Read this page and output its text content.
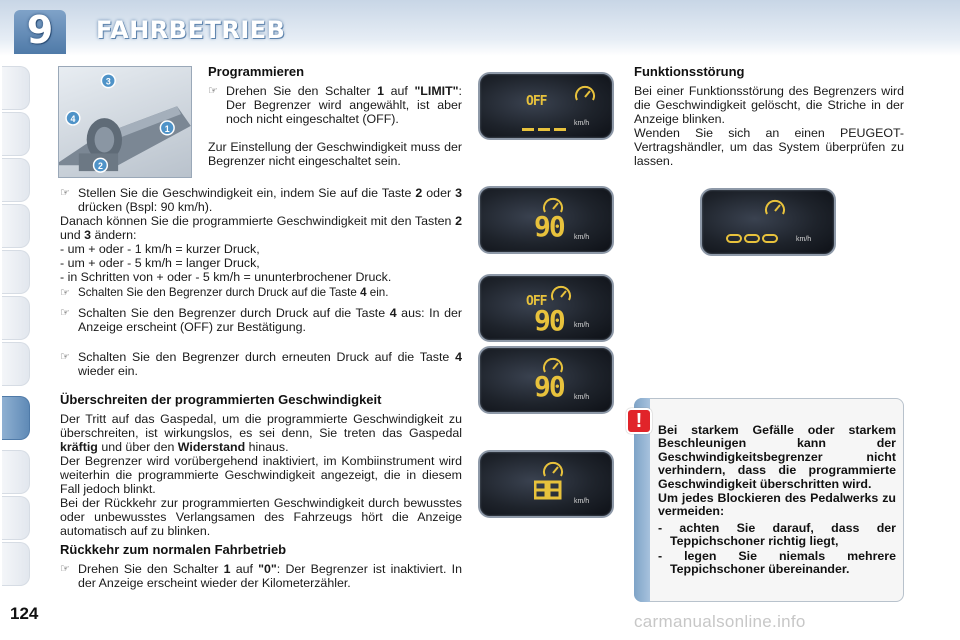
9	FAHRBETRIEB
3
4
1
2
Programmieren
☞ Drehen Sie den Schalter 1 auf "LIMIT": Der Begrenzer wird angewählt, ist aber noch nicht eingeschaltet (OFF).
Zur Einstellung der Geschwindigkeit muss der Begrenzer nicht eingeschaltet sein.
☞ Stellen Sie die Geschwindigkeit ein, indem Sie auf die Taste 2 oder 3 drücken (Bspl: 90 km/h).
Danach können Sie die programmierte Geschwindigkeit mit den Tasten 2 und 3 ändern:
- um + oder - 1 km/h = kurzer Druck,
- um + oder - 5 km/h = langer Druck,
- in Schritten von + oder - 5 km/h = ununterbrochener Druck.
☞ Schalten Sie den Begrenzer durch Druck auf die Taste 4 ein.
☞ Schalten Sie den Begrenzer durch Druck auf die Taste 4 aus: In der Anzeige erscheint (OFF) zur Bestätigung.
☞ Schalten Sie den Begrenzer durch erneuten Druck auf die Taste 4 wieder ein.
Überschreiten der programmierten Geschwindigkeit
Der Tritt auf das Gaspedal, um die programmierte Geschwindigkeit zu überschreiten, ist wirkungslos, es sei denn, Sie treten das Gaspedal kräftig und über den Widerstand hinaus.
Der Begrenzer wird vorübergehend inaktiviert, im Kombiinstrument wird weiterhin die programmierte Geschwindigkeit angezeigt, die in diesem Fall jedoch blinkt.
Bei der Rückkehr zur programmierten Geschwindigkeit durch bewusstes oder unbewusstes Verlangsamen des Fahrzeugs hört die Anzeige automatisch auf zu blinken.
Rückkehr zum normalen Fahrbetrieb
☞ Drehen Sie den Schalter 1 auf "0": Der Begrenzer ist inaktiviert. In der Anzeige erscheint wieder der Kilometerzähler.
OFF
km/h
90 km/h
OFF
90 km/h
90 km/h
km/h
km/h
Funktionsstörung
Bei einer Funktionsstörung des Begrenzers wird die Geschwindigkeit gelöscht, die Striche in der Anzeige blinken.
Wenden Sie sich an einen PEUGEOT-Vertragshändler, um das System überprüfen zu lassen.
!	Bei starkem Gefälle oder starkem Beschleunigen kann der Geschwindigkeitsbegrenzer nicht verhindern, dass die programmierte Geschwindigkeit überschritten wird.
Um jedes Blockieren des Pedalwerks zu vermeiden:
- achten Sie darauf, dass der Teppichschoner richtig liegt,
- legen Sie niemals mehrere Teppichschoner übereinander.
124	carmanualsonline.info
